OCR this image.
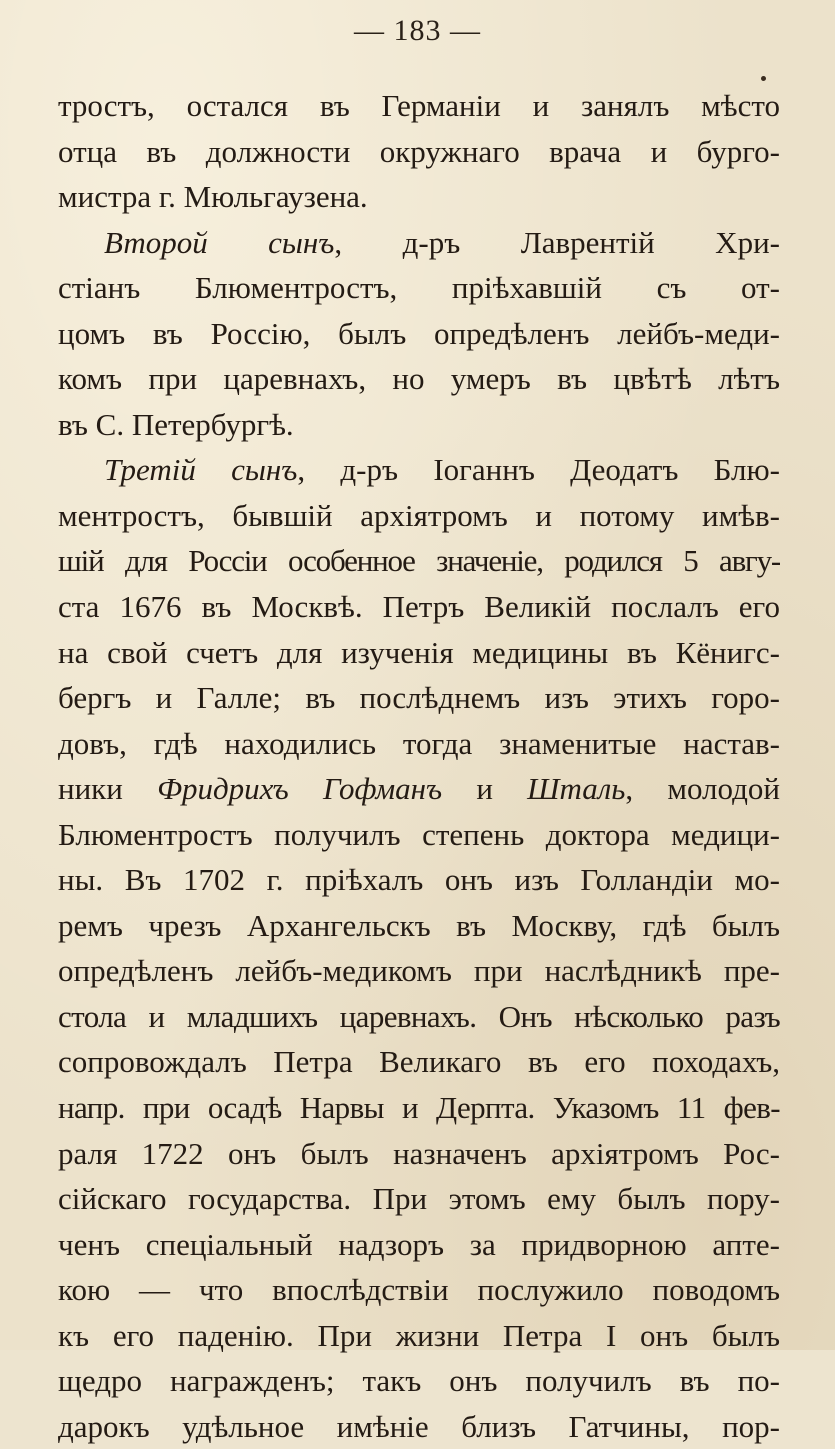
— 183 —
тростъ, остался въ Германіи и занялъ мѣсто
отца въ должности окружнаго врача и бурго-
мистра г. Мюльгаузена.
Второй сынъ, д-ръ Лаврентій Хри-
стіанъ Блюментростъ, пріѣхавшій съ от-
цомъ въ Россію, былъ опредѣленъ лейбъ-меди-
комъ при царевнахъ, но умеръ въ цвѣтѣ лѣтъ
въ С. Петербургѣ.
Третій сынъ, д-ръ Іоганнъ Деодатъ Блю-
ментростъ, бывшій архіятромъ и потому имѣв-
шій для Россіи особенное значеніе, родился 5 авгу-
ста 1676 въ Москвѣ. Петръ Великій послалъ его
на свой счетъ для изученія медицины въ Кёнигс-
бергъ и Галле; въ послѣднемъ изъ этихъ горо-
довъ, гдѣ находились тогда знаменитые настав-
ники Фридрихъ Гофманъ и Шталь, молодой
Блюментростъ получилъ степень доктора медици-
ны. Въ 1702 г. пріѣхалъ онъ изъ Голландіи мо-
ремъ чрезъ Архангельскъ въ Москву, гдѣ былъ
опредѣленъ лейбъ-медикомъ при наслѣдникѣ пре-
стола и младшихъ царевнахъ. Онъ нѣсколько разъ
сопровождалъ Петра Великаго въ его походахъ,
напр. при осадѣ Нарвы и Дерпта. Указомъ 11 фев-
раля 1722 онъ былъ назначенъ архіятромъ Рос-
сійскаго государства. При этомъ ему былъ пору-
ченъ спеціальный надзоръ за придворною апте-
кою — что впослѣдствіи послужило поводомъ
къ его паденію. При жизни Петра I онъ былъ
щедро награжденъ; такъ онъ получилъ въ по-
дарокъ удѣльное имѣніе близъ Гатчины, пор-
